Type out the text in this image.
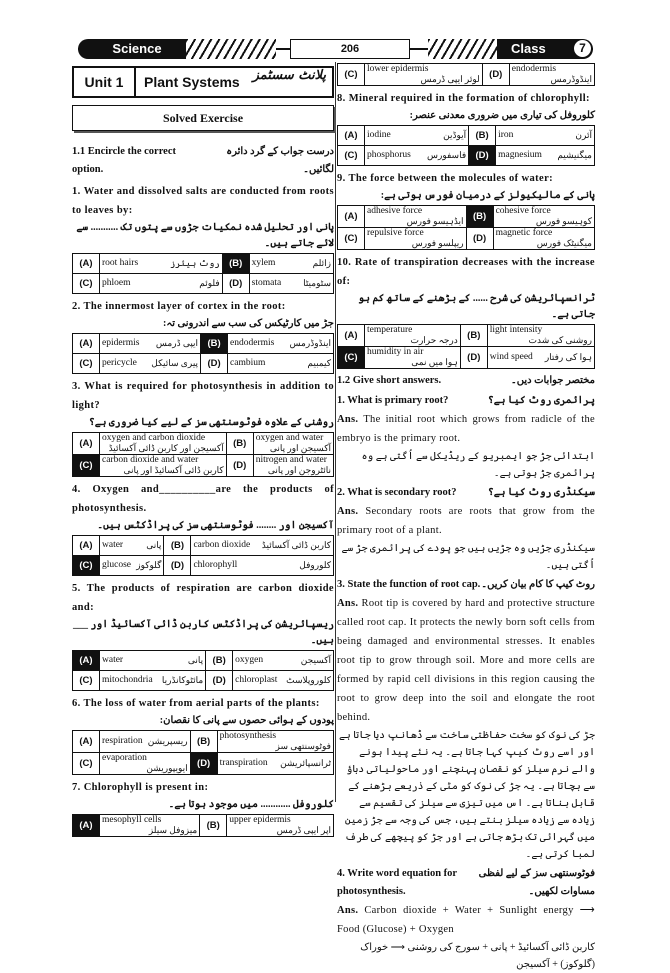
Science	206	Class	7
Unit 1	Plant Systems پلانٹ سسٹمز
Solved Exercise
1.1 Encircle the correct option.
درست جواب کے گرد دائرہ لگائیں۔
1. Water and dissolved salts are conducted from roots to leaves by:
پانی اور تحلیل شدہ نمکیات جڑوں سے پتوں تک ........... سے لائے جاتے ہیں۔
(A)	root hairs روٹ ہیئرز	(B)	xylem زائلم

(C)	phloem فلوئم	(D)	stomata سٹومیٹا
2. The innermost layer of cortex in the root:
جڑ میں کارٹیکس کی سب سے اندرونی تہ:
(A)	epidermis ایپی ڈرمس	(B)	endodermis اینڈوڈرمس

(C)	pericycle پیری سائیکل	(D)	cambium کیمبیم
3. What is required for photosynthesis in addition to light?
روشنی کے علاوہ فوٹوسنتھی سز کے لیے کیا ضروری ہے؟
(A)	oxygen and carbon dioxide
آکسیجن اور کاربن ڈائی آکسائیڈ	(B)	oxygen and water
آکسیجن اور پانی

(C)	carbon dioxide and water
کاربن ڈائی آکسائیڈ اور پانی	(D)	nitrogen and water
نائٹروجن اور پانی
4. Oxygen and__________are the products of photosynthesis.
آکسیجن اور ........ فوٹوسنتھی سز کی پراڈکٹس ہیں۔
(A)	water پانی	(B)	carbon dioxide کاربن ڈائی آکسائیڈ

(C)	glucose گلوکوز	(D)	chlorophyll کلوروفل
5. The products of respiration are carbon dioxide and:
ریسپائریشن کی پراڈکٹس کاربن ڈائی آکسائیڈ اور ___ ہیں۔
(A)	water پانی	(B)	oxygen آکسیجن

(C)	mitochondria مائٹوکانڈریا	(D)	chloroplast کلوروپلاسٹ
6. The loss of water from aerial parts of the plants:
پودوں کے ہوائی حصوں سے پانی کا نقصان:
(A)	respiration ریسپریشن	(B)	photosynthesis
فوٹوسنتھی سز

(C)	evaporation
ایویپوریشن	(D)	transpiration ٹرانسپائریشن
7. Chlorophyll is present in:
کلوروفل ............ میں موجود ہوتا ہے۔
(A)	mesophyll cells
میزوفل سیلز	(B)	upper epidermis
اپر ایپی ڈرمس
(C)	lower epidermis
لوئر ایپی ڈرمس	(D)	endodermis
اینڈوڈرمس
8. Mineral required in the formation of chlorophyll:
کلوروفل کی تیاری میں ضروری معدنی عنصر:
(A)	iodine آیوڈین	(B)	iron آئرن

(C)	phosphorus فاسفورس	(D)	magnesium میگنیشیم
9. The force between the molecules of water:
پانی کے مالیکیولز کے درمیان فورس ہوتی ہے:
(A)	adhesive force
ایڈہیسو فورس	(B)	cohesive force
کوہیسو فورس

(C)	repulsive force
ریپلسو فورس	(D)	magnetic force
میگنیٹک فورس
10. Rate of transpiration decreases with the increase of:
ٹرانسپائریشن کی شرح ...... کے بڑھنے کے ساتھ کم ہو جاتی ہے۔
(A)	temperature
درجہ حرارت	(B)	light intensity
روشنی کی شدت

(C)	humidity in air
ہوا میں نمی	(D)	wind speed ہوا کی رفتار
1.2 Give short answers.	مختصر جوابات دیں۔
1. What is primary root?	پرائمری روٹ کیا ہے؟
Ans. The initial root which grows from radicle of the embryo is the primary root.
ابتدائی جڑ جو ایمبریو کے ریڈیکل سے اُگتی ہے وہ پرائمری جڑ ہوتی ہے۔
2. What is secondary root?	سیکنڈری روٹ کیا ہے؟
Ans. Secondary roots are roots that grow from the primary root of a plant.
سیکنڈری جڑیں وہ جڑیں ہیں جو پودے کی پرائمری جڑ سے اُگتی ہیں۔
3. State the function of root cap. روٹ کیپ کا کام بیان کریں۔
Ans. Root tip is covered by hard and protective structure called root cap. It protects the newly born soft cells from being damaged and environmental stresses. It enables root tip to grow through soil. More and more cells are formed by rapid cell divisions in this region causing the root to grow deep into the soil and elongate the root behind.
جڑ کی نوک کو سخت حفاظتی ساخت سے ڈھانپ دیا جاتا ہے اور اسے روٹ کیپ کہا جاتا ہے۔ یہ نئے پیدا ہونے والے نرم سیلز کو نقصان پہنچنے اور ماحولیاتی دباؤ سے بچاتا ہے۔ یہ جڑ کی نوک کو مٹی کے ذریعے بڑھنے کے قابل بناتا ہے۔ اس میں تیزی سے سیلز کی تقسیم سے زیادہ سے زیادہ سیلز بنتے ہیں، جس کی وجہ سے جڑ زمین میں گہرائی تک بڑھ جاتی ہے اور جڑ کو پیچھے کی طرف لمبا کرتی ہے۔
4. Write word equation for photosynthesis.
فوٹوسنتھی سز کے لیے لفظی مساوات لکھیں۔
Ans. Carbon dioxide + Water + Sunlight energy ⟶ Food (Glucose) + Oxygen
کاربن ڈائی آکسائیڈ + پانی + سورج کی روشنی ⟶ خوراک (گلوکوز) + آکسیجن
